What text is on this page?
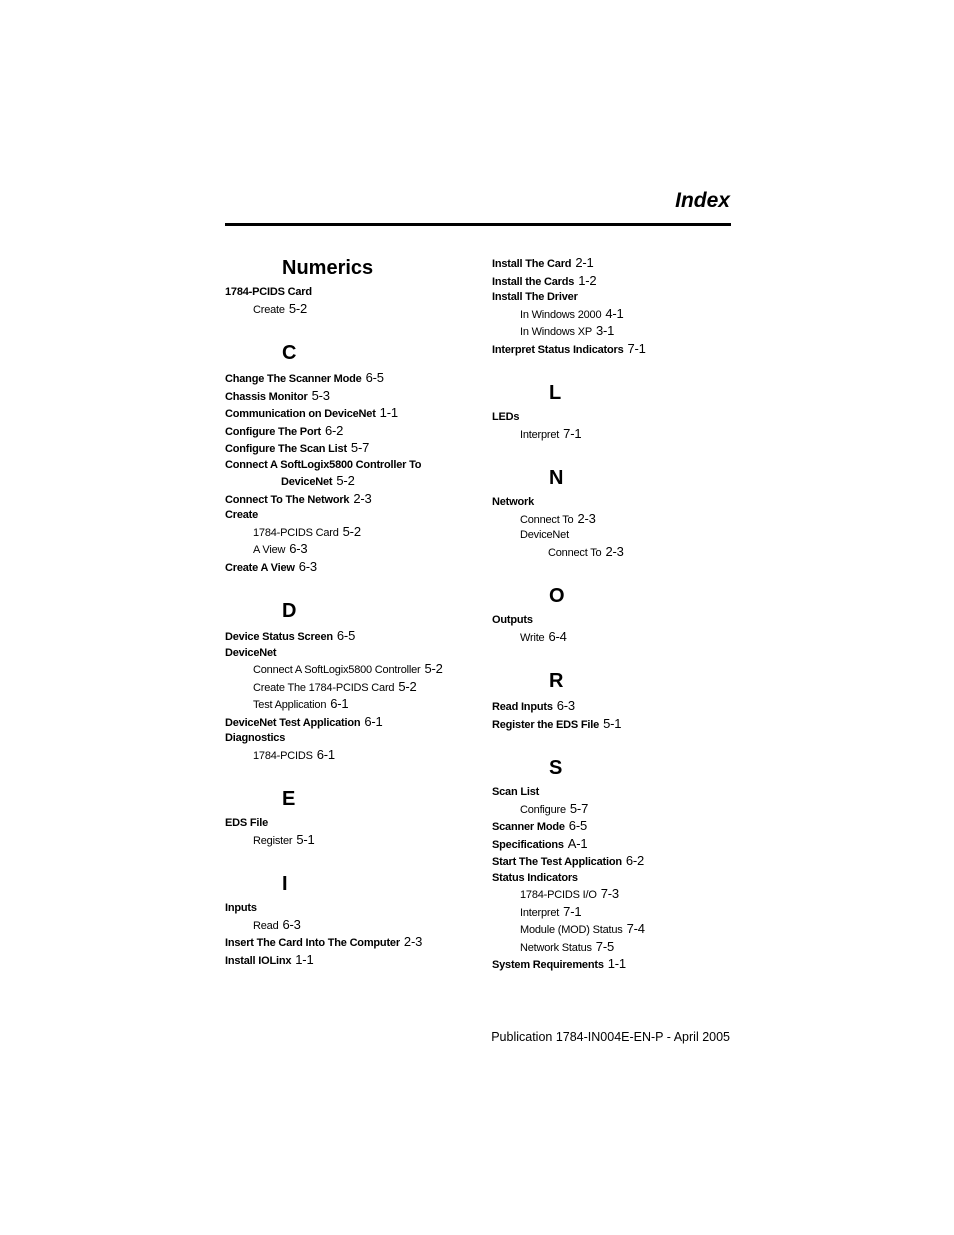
Index
Numerics
1784-PCIDS Card
Create 5-2
C
Change The Scanner Mode 6-5
Chassis Monitor 5-3
Communication on DeviceNet 1-1
Configure The Port 6-2
Configure The Scan List 5-7
Connect A SoftLogix5800 Controller To
DeviceNet 5-2
Connect To The Network 2-3
Create
1784-PCIDS Card 5-2
A View 6-3
Create A View 6-3
D
Device Status Screen 6-5
DeviceNet
Connect A SoftLogix5800 Controller 5-2
Create The 1784-PCIDS Card 5-2
Test Application 6-1
DeviceNet Test Application 6-1
Diagnostics
1784-PCIDS 6-1
E
EDS File
Register 5-1
I
Inputs
Read 6-3
Insert The Card Into The Computer 2-3
Install IOLinx 1-1
Install The Card 2-1
Install the Cards 1-2
Install The Driver
In Windows 2000 4-1
In Windows XP 3-1
Interpret Status Indicators 7-1
L
LEDs
Interpret 7-1
N
Network
Connect To 2-3
DeviceNet
Connect To 2-3
O
Outputs
Write 6-4
R
Read Inputs 6-3
Register the EDS File 5-1
S
Scan List
Configure 5-7
Scanner Mode 6-5
Specifications A-1
Start The Test Application 6-2
Status Indicators
1784-PCIDS I/O 7-3
Interpret 7-1
Module (MOD) Status 7-4
Network Status 7-5
System Requirements 1-1
Publication 1784-IN004E-EN-P - April 2005
